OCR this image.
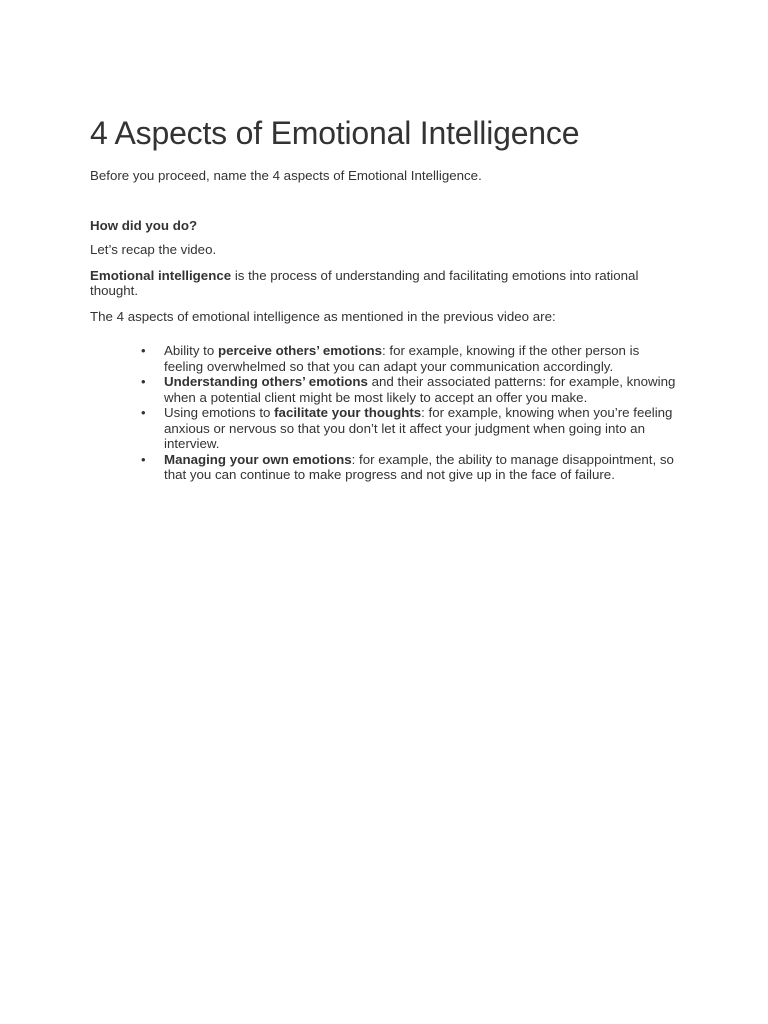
4 Aspects of Emotional Intelligence

Before you proceed, name the 4 aspects of Emotional Intelligence.

How did you do?

Let’s recap the video.

Emotional intelligence is the process of understanding and facilitating emotions into rational thought.

The 4 aspects of emotional intelligence as mentioned in the previous video are:

• Ability to perceive others’ emotions: for example, knowing if the other person is feeling overwhelmed so that you can adapt your communication accordingly.
• Understanding others’ emotions and their associated patterns: for example, knowing when a potential client might be most likely to accept an offer you make.
• Using emotions to facilitate your thoughts: for example, knowing when you’re feeling anxious or nervous so that you don’t let it affect your judgment when going into an interview.
• Managing your own emotions: for example, the ability to manage disappointment, so that you can continue to make progress and not give up in the face of failure.
